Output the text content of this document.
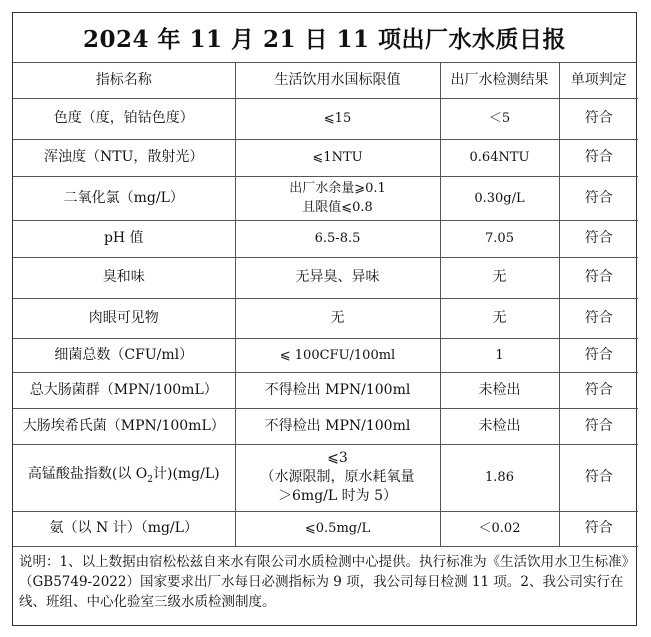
2024 年 11 月 21 日 11 项出厂水水质日报
指标名称	生活饮用水国标限值	出厂水检测结果	单项判定
色度（度，铂钴色度）	⩽15	＜5	符合
浑浊度（NTU，散射光）	⩽1NTU	0.64NTU	符合
二氧化氯（mg/L）	出厂水余量⩾0.1
且限值⩽0.8	0.30g/L	符合
pH 值	6.5-8.5	7.05	符合
臭和味	无异臭、异味	无	符合
肉眼可见物	无	无	符合
细菌总数（CFU/ml）	⩽ 100CFU/100ml	1	符合
总大肠菌群（MPN/100mL）	不得检出 MPN/100ml	未检出	符合
大肠埃希氏菌（MPN/100mL）	不得检出 MPN/100ml	未检出	符合
高锰酸盐指数(以 $O_2$计)(mg/L)	⩽3
（水源限制，原水耗氧量
＞6mg/L 时为 5）	1.86	符合
氨（以 N 计）（mg/L）	⩽0.5mg/L	＜0.02	符合
说明：1、以上数据由宿松松兹自来水有限公司水质检测中心提供。执行标准为《生活饮用水卫生标准》（GB5749-2022）国家要求出厂水每日必测指标为 9 项，我公司每日检测 11 项。2、我公司实行在线、班组、中心化验室三级水质检测制度。
